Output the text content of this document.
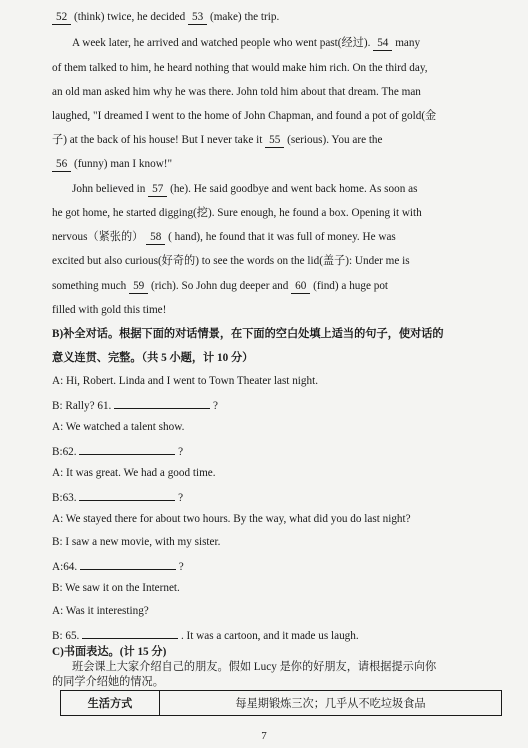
52 (think) twice, he decided 53 (make) the trip.
A week later, he arrived and watched people who went past(经过). 54 many
of them talked to him, he heard nothing that would make him rich. On the third day,
an old man asked him why he was there. John told him about that dream. The man
laughed, "I dreamed I went to the home of John Chapman, and found a pot of gold(金
子) at the back of his house! But I never take it 55 (serious). You are the
56 (funny) man I know!"
John believed in 57 (he). He said goodbye and went back home. As soon as
he got home, he started digging(挖). Sure enough, he found a box. Opening it with
nervous（紧张的） 58 ( hand), he found that it was full of money. He was
excited but also curious(好奇的) to see the words on the lid(盖子): Under me is
something much 59 (rich). So John dug deeper and 60 (find) a huge pot
filled with gold this time!
B)补全对话。根据下面的对话情景，在下面的空白处填上适当的句子，使对话的
意义连贯、完整。（共 5 小题，计 10 分）
A: Hi, Robert. Linda and I went to Town Theater last night.
B: Rally? 61.	?
A: We watched a talent show.
B:62.	?
A: It was great. We had a good time.
B:63.	?
A: We stayed there for about two hours. By the way, what did you do last night?
B: I saw a new movie, with my sister.
A:64.	?
B: We saw it on the Internet.
A: Was it interesting?
B: 65.	. It was a cartoon, and it made us laugh.
C)书面表达。(计 15 分)
班会课上大家介绍自己的朋友。假如 Lucy 是你的好朋友，请根据提示向你
的同学介绍她的情况。
生活方式	每星期锻炼三次；几乎从不吃垃圾食品
7
